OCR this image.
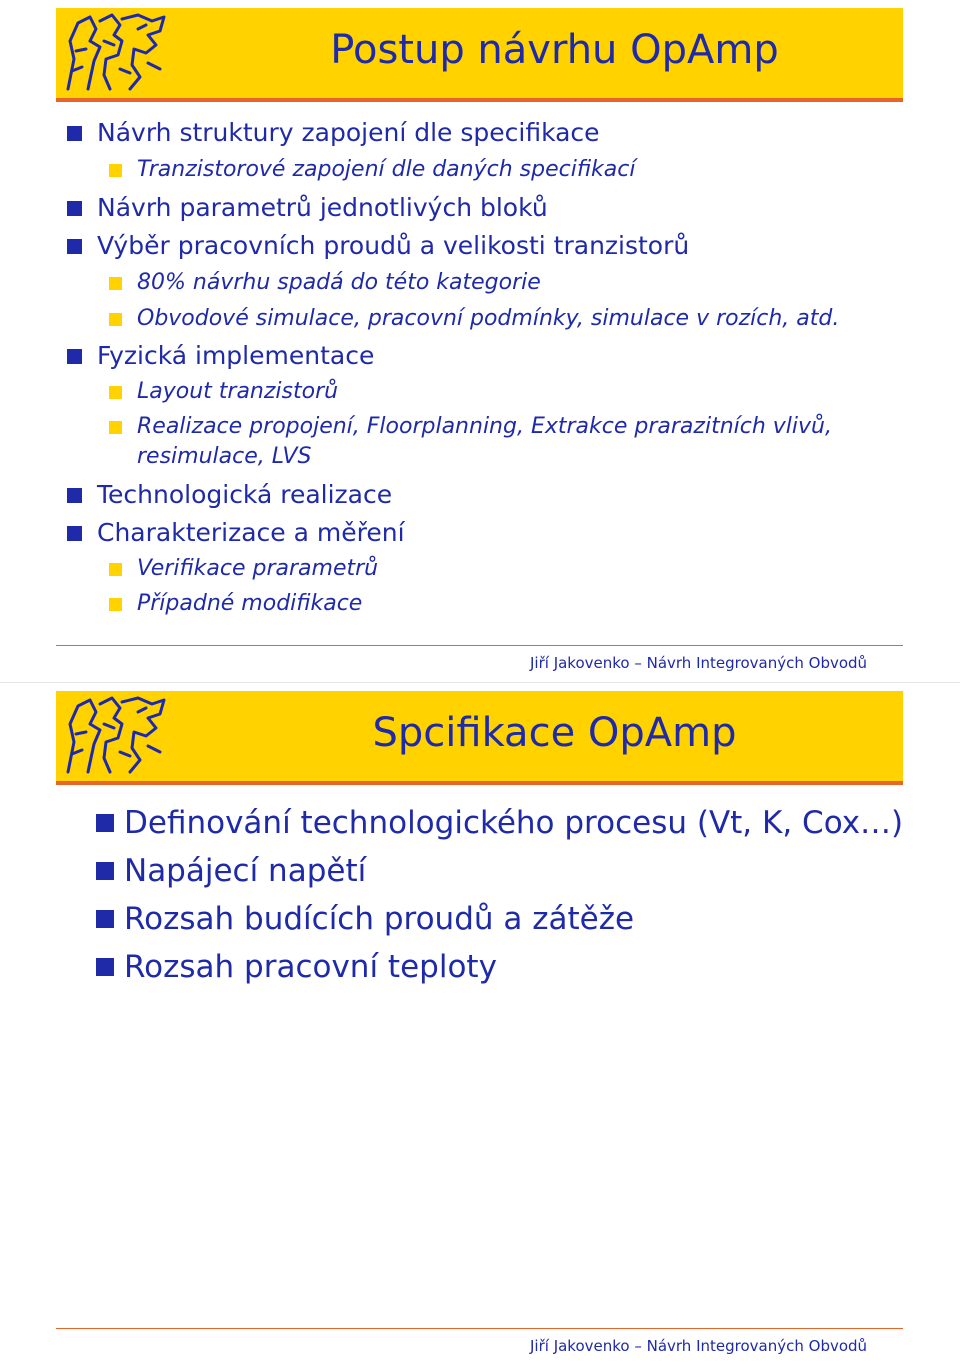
Postup návrhu OpAmp
Návrh struktury zapojení dle specifikace
Tranzistorové zapojení dle daných specifikací
Návrh parametrů jednotlivých bloků
Výběr pracovních proudů a velikosti tranzistorů
80% návrhu spadá do této kategorie
Obvodové simulace, pracovní podmínky, simulace v rozích, atd.
Fyzická implementace
Layout tranzistorů
Realizace propojení, Floorplanning, Extrakce prarazitních vlivů,
resimulace, LVS
Technologická realizace
Charakterizace a měření
Verifikace prarametrů
Případné modifikace
Jiří Jakovenko – Návrh Integrovaných Obvodů
Spcifikace OpAmp
Definování technologického procesu (Vt, K, Cox…)
Napájecí napětí
Rozsah budících proudů a zátěže
Rozsah pracovní teploty
Jiří Jakovenko – Návrh Integrovaných Obvodů
